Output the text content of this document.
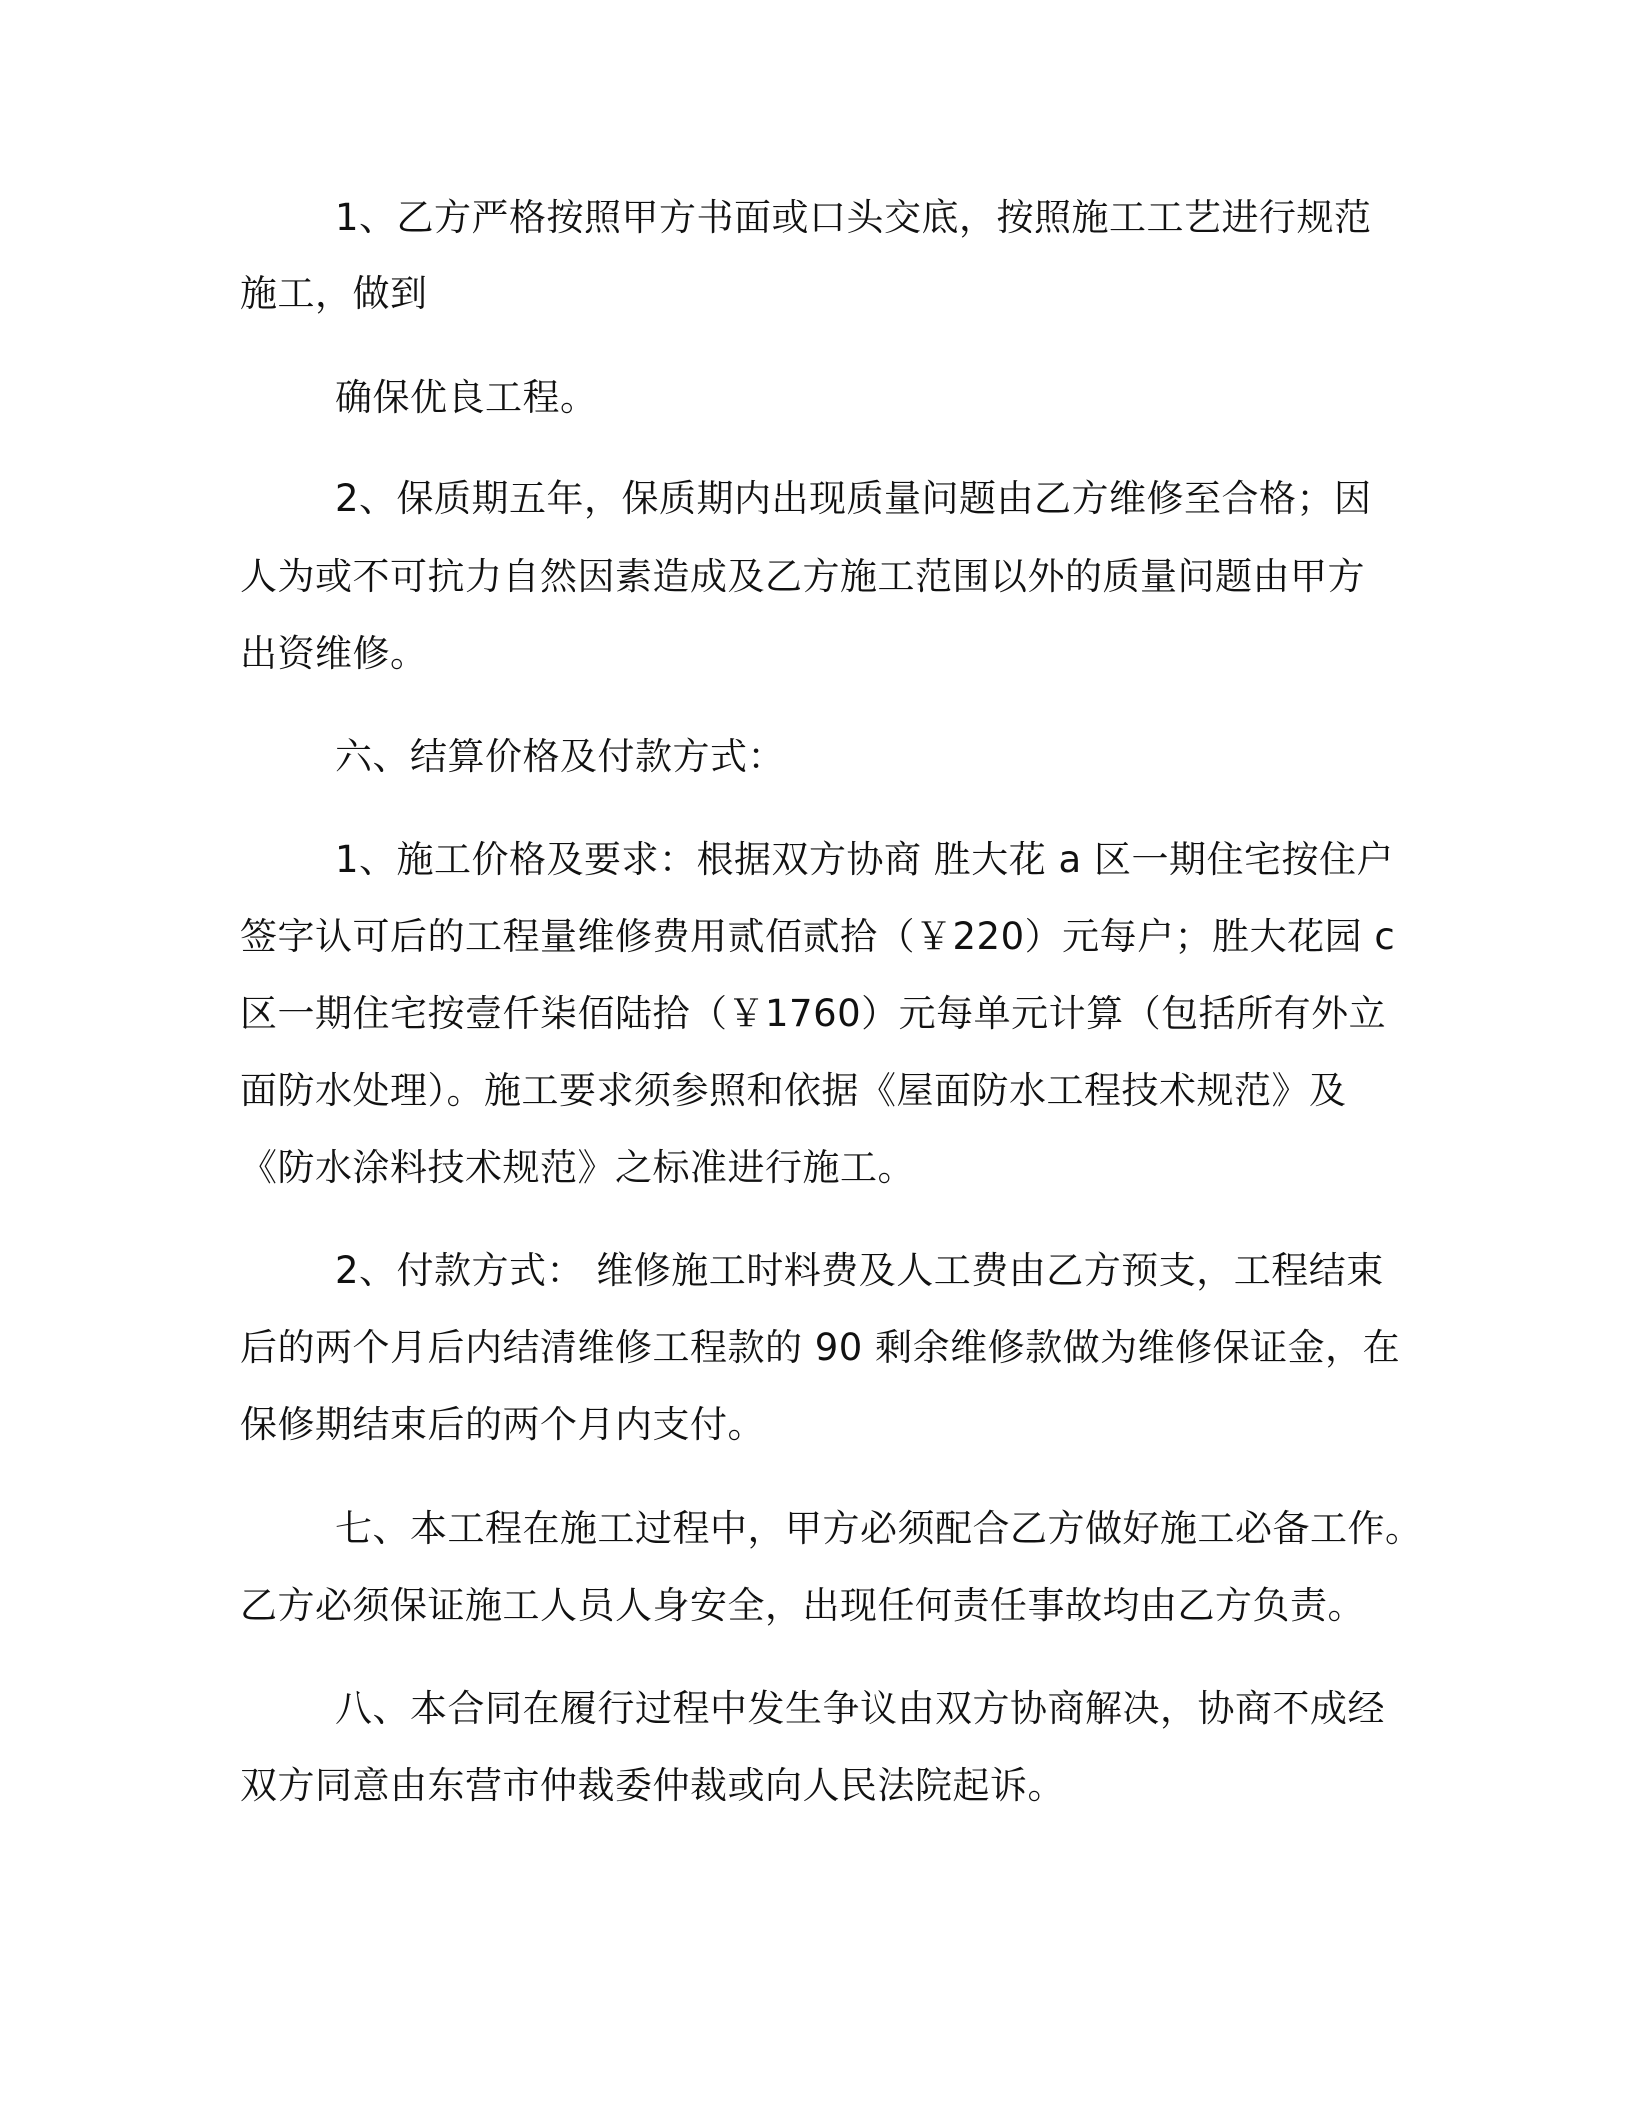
1、乙方严格按照甲方书面或口头交底，按照施工工艺进行规范
施工，做到
确保优良工程。
2、保质期五年，保质期内出现质量问题由乙方维修至合格；因
人为或不可抗力自然因素造成及乙方施工范围以外的质量问题由甲方
出资维修。
六、结算价格及付款方式：
1、施工价格及要求：根据双方协商 胜大花 a 区一期住宅按住户
签字认可后的工程量维修费用贰佰贰拾（￥220）元每户；胜大花园 c
区一期住宅按壹仟柒佰陆拾（￥1760）元每单元计算（包括所有外立
面防水处理）。施工要求须参照和依据《屋面防水工程技术规范》及
《防水涂料技术规范》之标准进行施工。
2、付款方式： 维修施工时料费及人工费由乙方预支，工程结束
后的两个月后内结清维修工程款的 90 剩余维修款做为维修保证金，在
保修期结束后的两个月内支付。
七、本工程在施工过程中，甲方必须配合乙方做好施工必备工作。
乙方必须保证施工人员人身安全，出现任何责任事故均由乙方负责。
八、本合同在履行过程中发生争议由双方协商解决，协商不成经
双方同意由东营市仲裁委仲裁或向人民法院起诉。
